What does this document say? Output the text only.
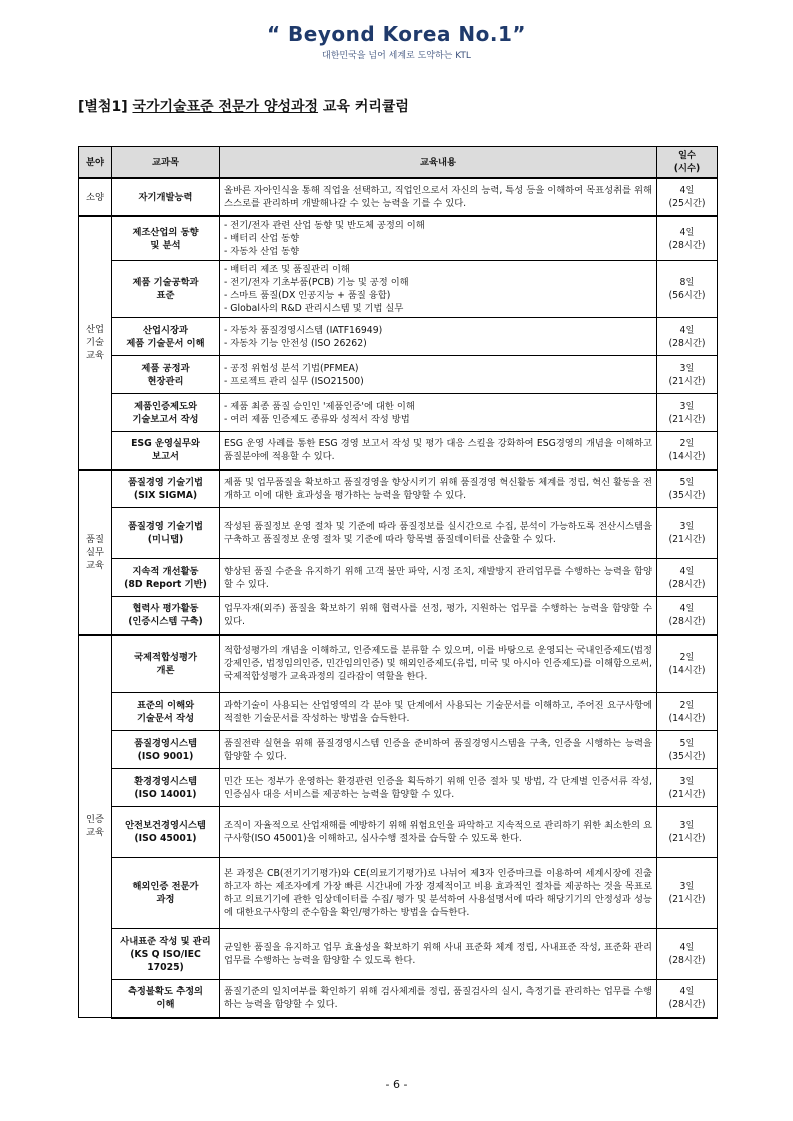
“ Beyond Korea No.1”
대한민국을 넘어 세계로 도약하는 KTL
[별첨1] 국가기술표준 전문가 양성과정 교육 커리큘럼
분야	교과목	교육내용	일수
(시수)

소양	자기개발능력	올바른 자아인식을 통해 직업을 선택하고, 직업인으로서 자신의 능력, 특성 등을 이해하여 목표성취를 위해 스스로를 관리하며 개발해나갈 수 있는 능력을 기를 수 있다.	4일
(25시간)

산업
기술
교육	제조산업의 동향
및 분석	- 전기/전자 관련 산업 동향 및 반도체 공정의 이해
- 배터리 산업 동향
- 자동차 산업 동향	4일
(28시간)

	제품 기술공학과
표준	- 배터리 제조 및 품질관리 이해
- 전기/전자 기초부품(PCB) 기능 및 공정 이해
- 스마트 품질(DX 인공지능 + 품질 융합)
- Global사의 R&D 관리시스템 및 기법 실무	8일
(56시간)

	산업시장과
제품 기술문서 이해	- 자동차 품질경영시스템 (IATF16949)
- 자동차 기능 안전성 (ISO 26262)	4일
(28시간)

	제품 공정과
현장관리	- 공정 위험성 분석 기법(PFMEA)
- 프로젝트 관리 실무 (ISO21500)	3일
(21시간)

	제품인증제도와
기술보고서 작성	- 제품 최종 품질 승인인 '제품인증'에 대한 이해
- 여러 제품 인증제도 종류와 성적서 작성 방법	3일
(21시간)

	ESG 운영실무와
보고서	ESG 운영 사례를 통한 ESG 경영 보고서 작성 및 평가 대응 스킬을 강화하여 ESG경영의 개념을 이해하고 품질분야에 적용할 수 있다.	2일
(14시간)

품질
실무
교육	품질경영 기술기법
(SIX SIGMA)	제품 및 업무품질을 확보하고 품질경영을 향상시키기 위해 품질경영 혁신활동 체계를 정립, 혁신 활동을 전개하고 이에 대한 효과성을 평가하는 능력을 함양할 수 있다.	5일
(35시간)

	품질경영 기술기법
(미니탭)	작성된 품질정보 운영 절차 및 기준에 따라 품질정보를 실시간으로 수집, 분석이 가능하도록 전산시스템을 구축하고 품질정보 운영 절차 및 기준에 따라 항목별 품질데이터를 산출할 수 있다.	3일
(21시간)

	지속적 개선활동
(8D Report 기반)	향상된 품질 수준을 유지하기 위해 고객 불만 파악, 시정 조치, 재발방지 관리업무를 수행하는 능력을 함양할 수 있다.	4일
(28시간)

	협력사 평가활동
(인증시스템 구축)	업무자재(외주) 품질을 확보하기 위해 협력사를 선정, 평가, 지원하는 업무를 수행하는 능력을 함양할 수 있다.	4일
(28시간)

인증
교육	국제적합성평가
개론	적합성평가의 개념을 이해하고, 인증제도를 분류할 수 있으며, 이를 바탕으로 운영되는 국내인증제도(법정강제인증, 법정임의인증, 민간임의인증) 및 해외인증제도(유럽, 미국 및 아시아 인증제도)를 이해함으로써, 국제적합성평가 교육과정의 길라잡이 역할을 한다.	2일
(14시간)

	표준의 이해와
기술문서 작성	과학기술이 사용되는 산업영역의 각 분야 및 단계에서 사용되는 기술문서를 이해하고, 주어진 요구사항에 적절한 기술문서를 작성하는 방법을 습득한다.	2일
(14시간)

	품질경영시스템
(ISO 9001)	품질전략 실현을 위해 품질경영시스템 인증을 준비하여 품질경영시스템을 구축, 인증을 시행하는 능력을 함양할 수 있다.	5일
(35시간)

	환경경영시스템
(ISO 14001)	민간 또는 정부가 운영하는 환경관련 인증을 획득하기 위해 인증 절차 및 방법, 각 단계별 인증서류 작성, 인증심사 대응 서비스를 제공하는 능력을 함양할 수 있다.	3일
(21시간)

	안전보건경영시스템
(ISO 45001)	조직이 자율적으로 산업재해를 예방하기 위해 위험요인을 파악하고 지속적으로 관리하기 위한 최소한의 요구사항(ISO 45001)을 이해하고, 심사수행 절차를 습득할 수 있도록 한다.	3일
(21시간)

	해외인증 전문가
과정	본 과정은 CB(전기기기평가)와 CE(의료기기평가)로 나뉘어 제3자 인증마크를 이용하여 세계시장에 진출하고자 하는 제조자에게 가장 빠른 시간내에 가장 경제적이고 비용 효과적인 절차를 제공하는 것을 목표로 하고 의료기기에 관한 임상데이터를 수집/ 평가 및 분석하여 사용설명서에 따라 해당기기의 안정성과 성능에 대한요구사항의 준수함을 확인/평가하는 방법을 습득한다.	3일
(21시간)

	사내표준 작성 및 관리
(KS Q ISO/IEC
17025)	균일한 품질을 유지하고 업무 효율성을 확보하기 위해 사내 표준화 체계 정립, 사내표준 작성, 표준화 관리 업무를 수행하는 능력을 함양할 수 있도록 한다.	4일
(28시간)

	측정불확도 추정의
이해	품질기준의 일치여부를 확인하기 위해 검사체계를 정립, 품질검사의 실시, 측정기를 관리하는 업무를 수행하는 능력을 함양할 수 있다.	4일
(28시간)
- 6 -
